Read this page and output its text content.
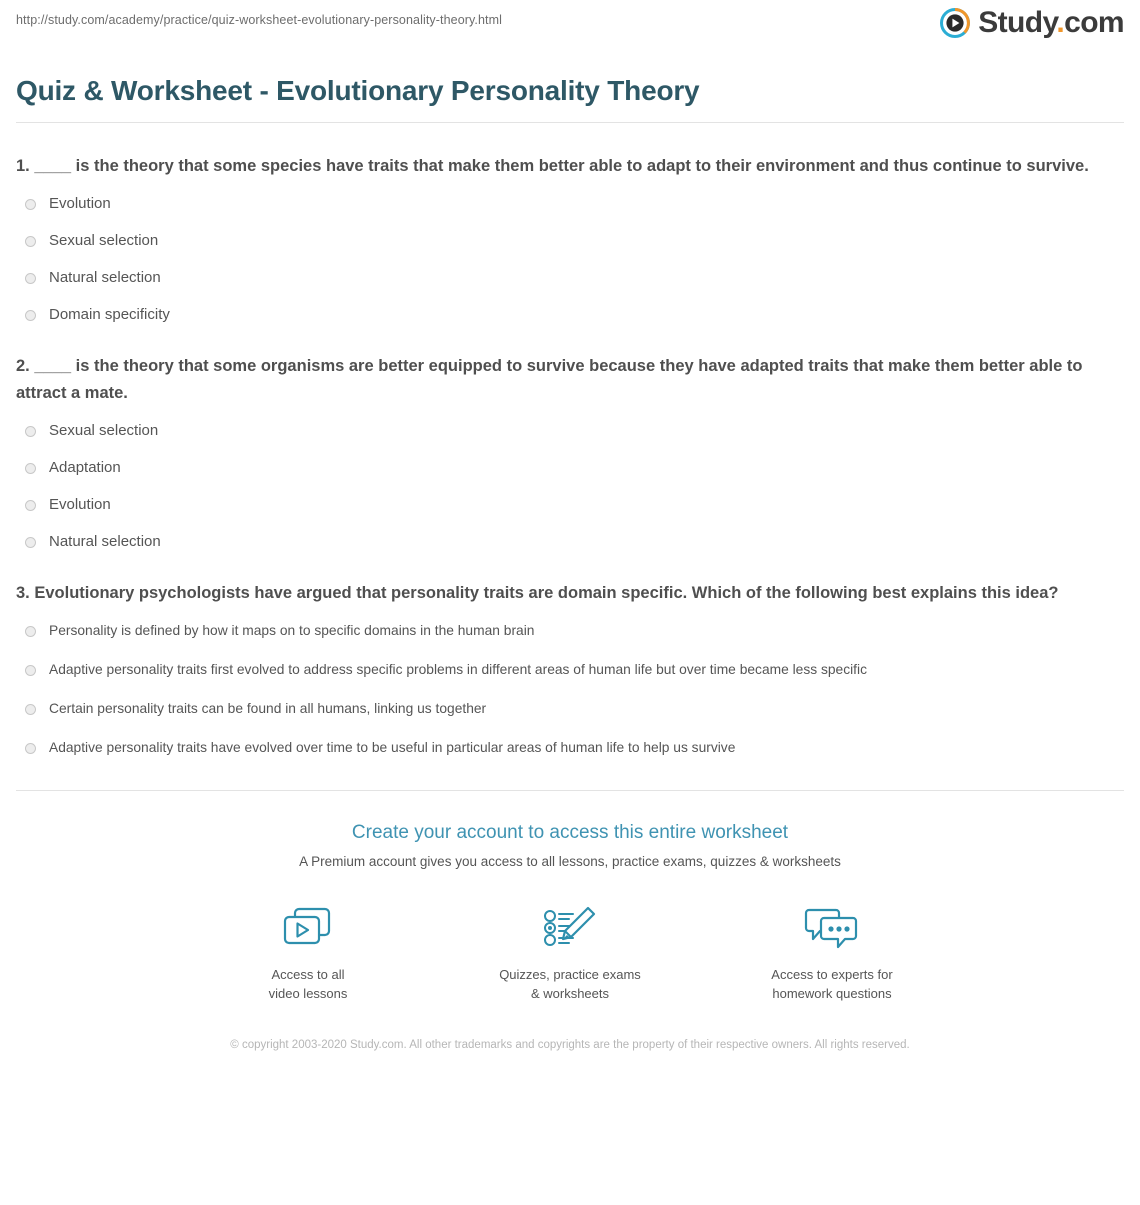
http://study.com/academy/practice/quiz-worksheet-evolutionary-personality-theory.html	Study.com
Quiz & Worksheet - Evolutionary Personality Theory

1. ____ is the theory that some species have traits that make them better able to adapt to their environment and thus continue to survive.

Evolution
Sexual selection
Natural selection
Domain specificity

2. ____ is the theory that some organisms are better equipped to survive because they have adapted traits that make them better able to attract a mate.

Sexual selection
Adaptation
Evolution
Natural selection

3. Evolutionary psychologists have argued that personality traits are domain specific. Which of the following best explains this idea?

Personality is defined by how it maps on to specific domains in the human brain
Adaptive personality traits first evolved to address specific problems in different areas of human life but over time became less specific
Certain personality traits can be found in all humans, linking us together
Adaptive personality traits have evolved over time to be useful in particular areas of human life to help us survive
Create your account to access this entire worksheet
A Premium account gives you access to all lessons, practice exams, quizzes & worksheets
Access to all
video lessons
Quizzes, practice exams
& worksheets
Access to experts for
homework questions
© copyright 2003-2020 Study.com. All other trademarks and copyrights are the property of their respective owners. All rights reserved.
